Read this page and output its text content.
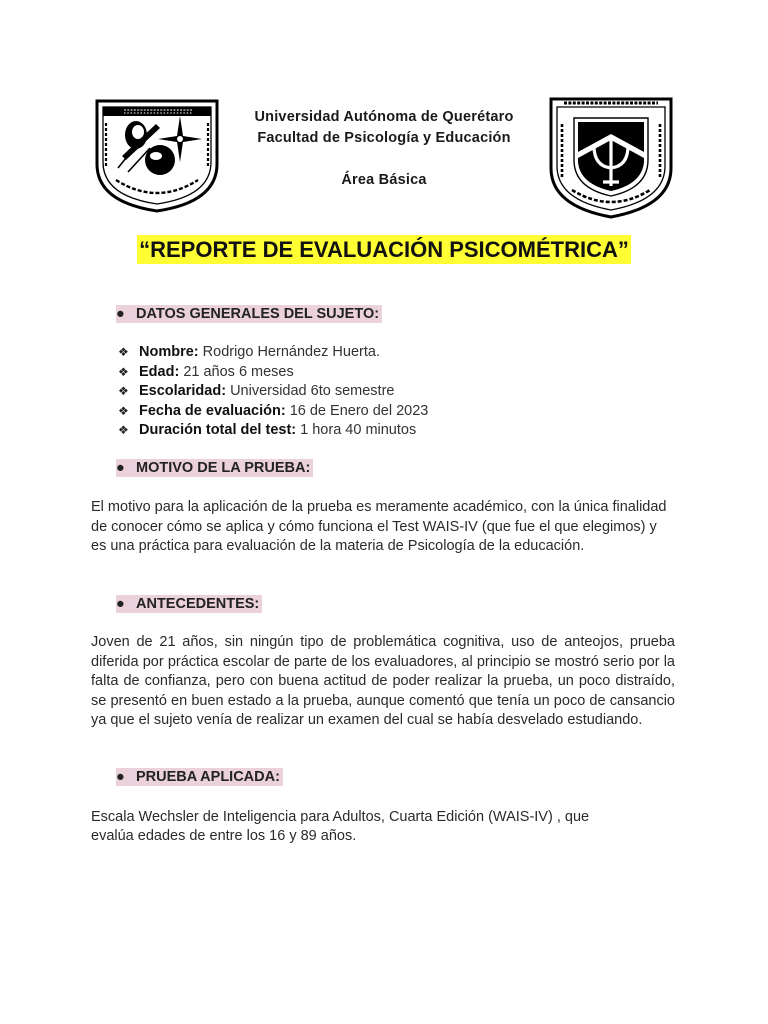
Universidad Autónoma de Querétaro
Facultad de Psicología y Educación
Área Básica
“REPORTE DE EVALUACIÓN PSICOMÉTRICA”
● DATOS GENERALES DEL SUJETO:
❖ Nombre: Rodrigo Hernández Huerta.
❖ Edad: 21 años 6 meses
❖ Escolaridad: Universidad 6to semestre
❖ Fecha de evaluación: 16 de Enero del 2023
❖ Duración total del test: 1 hora 40 minutos
● MOTIVO DE LA PRUEBA:

El motivo para la aplicación de la prueba es meramente académico, con la única finalidad de conocer cómo se aplica y cómo funciona el Test WAIS-IV (que fue el que elegimos) y es una práctica para evaluación de la materia de Psicología de la educación.

● ANTECEDENTES:

Joven de 21 años, sin ningún tipo de problemática cognitiva, uso de anteojos, prueba diferida por práctica escolar de parte de los evaluadores, al principio se mostró serio por la falta de confianza, pero con buena actitud de poder realizar la prueba, un poco distraído, se presentó en buen estado a la prueba, aunque comentó que tenía un poco de cansancio ya que el sujeto venía de realizar un examen del cual se había desvelado estudiando.

● PRUEBA APLICADA:

Escala Wechsler de Inteligencia para Adultos, Cuarta Edición (WAIS-IV) , que

evalúa edades de entre los 16 y 89 años.
